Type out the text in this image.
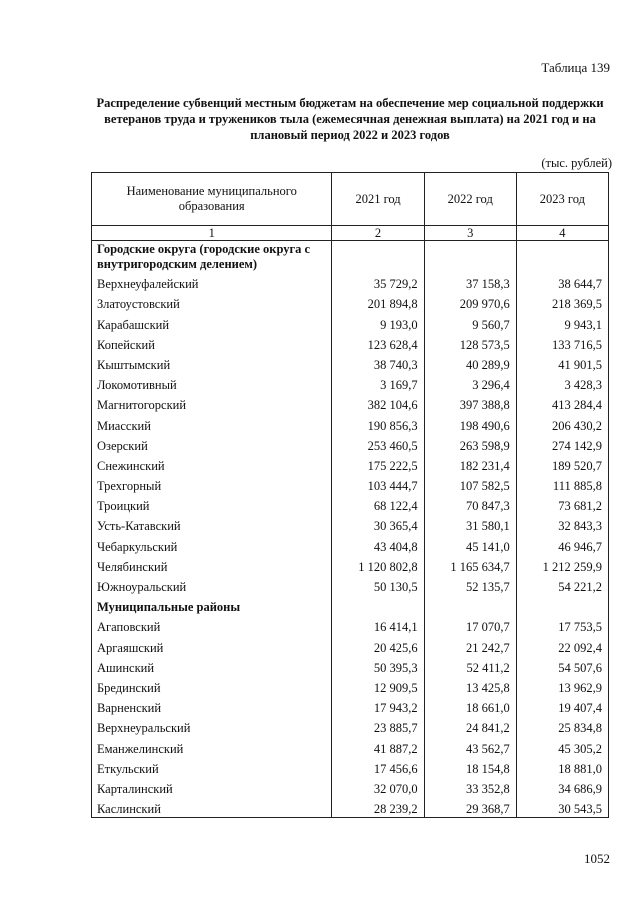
Таблица 139
Распределение субвенций местным бюджетам на обеспечение мер социальной поддержки ветеранов труда и тружеников тыла (ежемесячная денежная выплата) на 2021 год и на плановый период 2022 и 2023 годов
(тыс. рублей)
Наименование муниципального образования	2021 год	2022 год	2023 год
1	2	3	4
Городские округа (городские округа с внутригородским делением)			
Верхнеуфалейский	35 729,2	37 158,3	38 644,7
Златоустовский	201 894,8	209 970,6	218 369,5
Карабашский	9 193,0	9 560,7	9 943,1
Копейский	123 628,4	128 573,5	133 716,5
Кыштымский	38 740,3	40 289,9	41 901,5
Локомотивный	3 169,7	3 296,4	3 428,3
Магнитогорский	382 104,6	397 388,8	413 284,4
Миасский	190 856,3	198 490,6	206 430,2
Озерский	253 460,5	263 598,9	274 142,9
Снежинский	175 222,5	182 231,4	189 520,7
Трехгорный	103 444,7	107 582,5	111 885,8
Троицкий	68 122,4	70 847,3	73 681,2
Усть-Катавский	30 365,4	31 580,1	32 843,3
Чебаркульский	43 404,8	45 141,0	46 946,7
Челябинский	1 120 802,8	1 165 634,7	1 212 259,9
Южноуральский	50 130,5	52 135,7	54 221,2
Муниципальные районы			
Агаповский	16 414,1	17 070,7	17 753,5
Аргаяшский	20 425,6	21 242,7	22 092,4
Ашинский	50 395,3	52 411,2	54 507,6
Брединский	12 909,5	13 425,8	13 962,9
Варненский	17 943,2	18 661,0	19 407,4
Верхнеуральский	23 885,7	24 841,2	25 834,8
Еманжелинский	41 887,2	43 562,7	45 305,2
Еткульский	17 456,6	18 154,8	18 881,0
Карталинский	32 070,0	33 352,8	34 686,9
Каслинский	28 239,2	29 368,7	30 543,5
1052
